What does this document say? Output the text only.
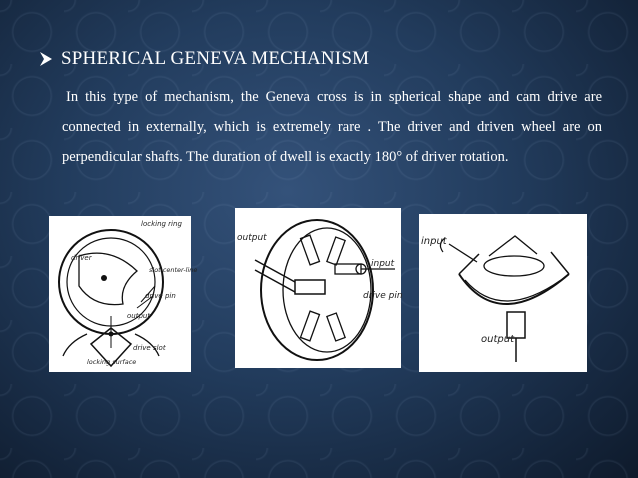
SPHERICAL GENEVA MECHANISM

In this type of mechanism, the Geneva cross is in spherical shape and cam drive are connected in externally, which is extremely rare . The driver and driven wheel are on perpendicular shafts. The duration of dwell is exactly 180° of driver rotation.

locking ring
driver
slot center-line
drive pin
output
drive slot
locking surface
output
input
drive pin
input
output
